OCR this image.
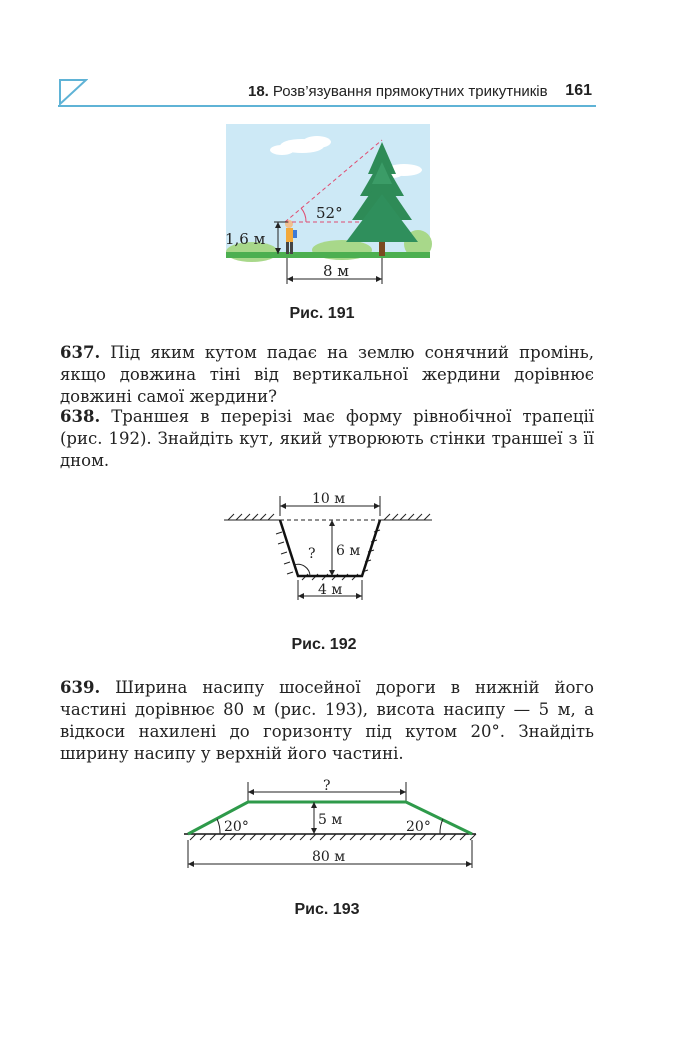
18. Розв’язування прямокутних трикутників 161
52°
1,6 м
8 м
Рис. 191
637. Під яким кутом падає на землю сонячний промінь, якщо довжина тіні від вертикальної жердини дорівнює довжині самої жердини?
638. Траншея в перерізі має форму рівнобічної трапеції (рис. 192). Знайдіть кут, який утворюють стінки траншеї з її дном.
10 м
6 м
?
4 м
Рис. 192
639. Ширина насипу шосейної дороги в нижній його частині дорівнює 80 м (рис. 193), висота насипу — 5 м, а відкоси нахилені до горизонту під кутом 20°. Знайдіть ширину насипу у верхній його частині.
?
5 м
20°	20°
80 м
Рис. 193
